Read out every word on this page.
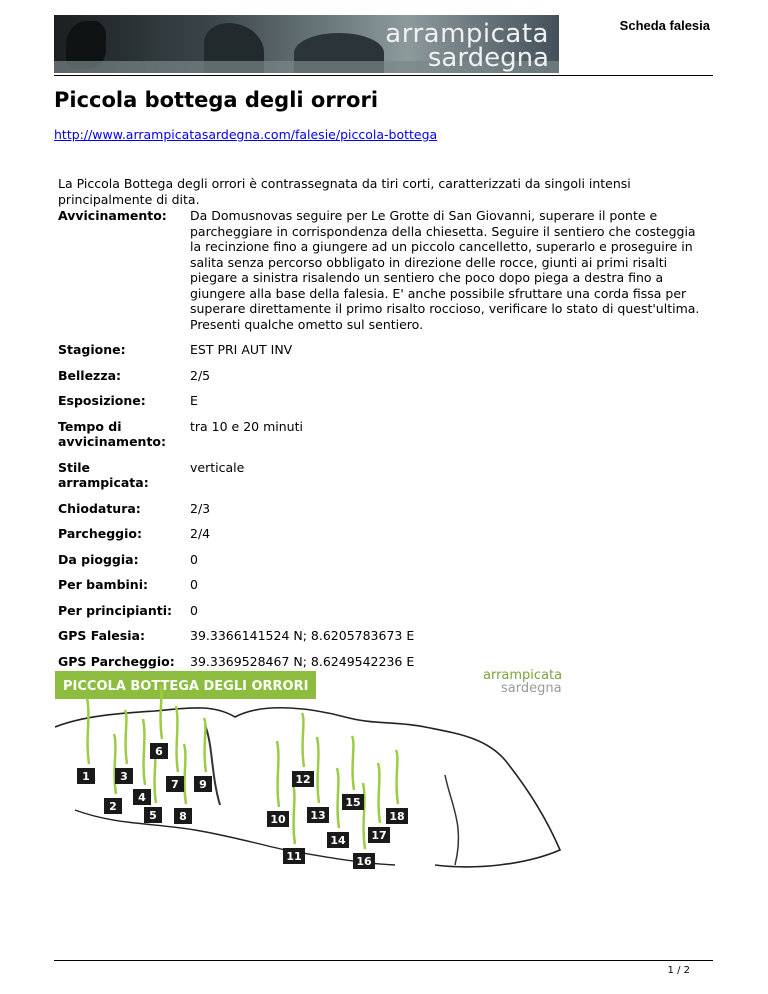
arrampicata
sardegna
Scheda falesia
Piccola bottega degli orrori
http://www.arrampicatasardegna.com/falesie/piccola-bottega
La Piccola Bottega degli orrori è contrassegnata da tiri corti, caratterizzati da singoli intensi principalmente di dita.
Avvicinamento:	Da Domusnovas seguire per Le Grotte di San Giovanni, superare il ponte e parcheggiare in corrispondenza della chiesetta. Seguire il sentiero che costeggia la recinzione fino a giungere ad un piccolo cancelletto, superarlo e proseguire in salita senza percorso obbligato in direzione delle rocce, giunti ai primi risalti piegare a sinistra risalendo un sentiero che poco dopo piega a destra fino a giungere alla base della falesia. E' anche possibile sfruttare una corda fissa per superare direttamente il primo risalto roccioso, verificare lo stato di quest'ultima. Presenti qualche ometto sul sentiero.
Stagione:	EST PRI AUT INV
Bellezza:	2/5
Esposizione:	E
Tempo di avvicinamento:	tra 10 e 20 minuti
Stile arrampicata:	verticale
Chiodatura:	2/3
Parcheggio:	2/4
Da pioggia:	0
Per bambini:	0
Per principianti:	0
GPS Falesia:	39.3366141524 N; 8.6205783673 E
GPS Parcheggio:	39.3369528467 N; 8.6249542236 E
PICCOLA BOTTEGA DEGLI ORRORI
arrampicata
sardegna
1
2
3
4
5
6
7
8
9
10
11
12
13
14
15
16
17
18
1 / 2
